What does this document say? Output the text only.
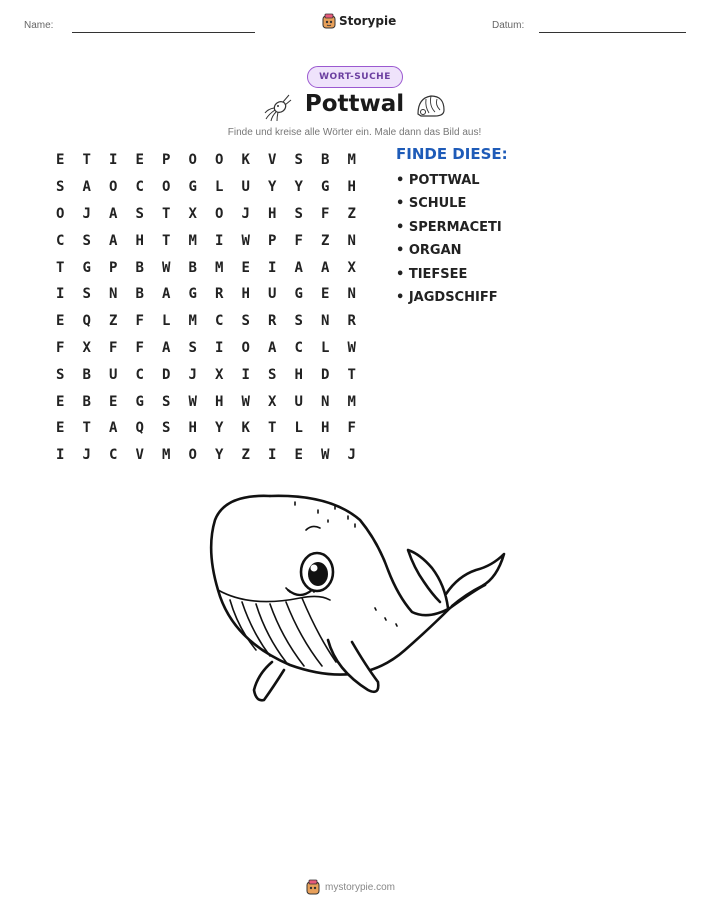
Name:	Storypie	Datum:
WORT-SUCHE
Pottwal
Finde und kreise alle Wörter ein. Male dann das Bild aus!
E	T	I	E	P	O	O	K	V	S	B	M
S	A	O	C	O	G	L	U	Y	Y	G	H
O	J	A	S	T	X	O	J	H	S	F	Z
C	S	A	H	T	M	I	W	P	F	Z	N
T	G	P	B	W	B	M	E	I	A	A	X
I	S	N	B	A	G	R	H	U	G	E	N
E	Q	Z	F	L	M	C	S	R	S	N	R
F	X	F	F	A	S	I	O	A	C	L	W
S	B	U	C	D	J	X	I	S	H	D	T
E	B	E	G	S	W	H	W	X	U	N	M
E	T	A	Q	S	H	Y	K	T	L	H	F
I	J	C	V	M	O	Y	Z	I	E	W	J
FINDE DIESE:
• POTTWAL
• SCHULE
• SPERMACETI
• ORGAN
• TIEFSEE
• JAGDSCHIFF
mystorypie.com
